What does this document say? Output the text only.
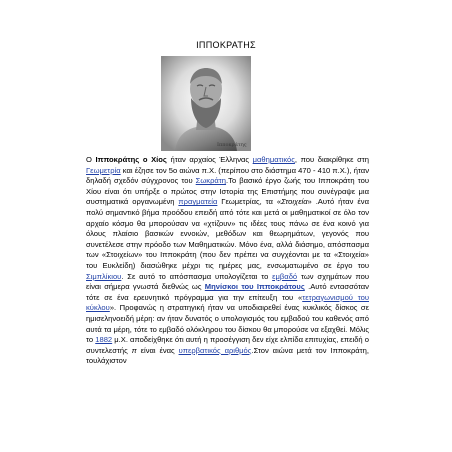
ΙΠΠΟΚΡΑΤΗΣ
Ιπποκράτης

Ο Ιπποκράτης ο Χίος ήταν αρχαίος Έλληνας μαθηματικός, που διακρίθηκε στη Γεωμετρία και έζησε τον 5ο αιώνα π.Χ. (περίπου στο διάστημα 470 - 410 π.Χ.), ήταν δηλαδή σχεδόν σύγχρονος του Σωκράτη.Το βασικό έργο ζωής του Ιπποκράτη του Χίου είναι ότι υπήρξε ο πρώτος στην Ιστορία της Επιστήμης που συνέγραψε μια συστηματικά οργανωμένη πραγματεία Γεωμετρίας, τα «Στοιχεία» .Αυτό ήταν ένα πολύ σημαντικό βήμα προόδου επειδή από τότε και μετά οι μαθηματικοί σε όλο τον αρχαίο κόσμο θα μπορούσαν να «χτίζουν» τις ιδέες τους πάνω σε ένα κοινό για όλους πλαίσιο βασικών εννοιών, μεθόδων και θεωρημάτων, γεγονός που συνετέλεσε στην πρόοδο των Μαθηματικών. Μόνο ένα, αλλά διάσημο, απόσπασμα των «Στοιχείων» του Ιπποκράτη (που δεν πρέπει να συγχέονται με τα «Στοιχεία» του Ευκλείδη) διασώθηκε μέχρι τις ημέρες μας, ενσωματωμένο σε έργο του Σιμπλίκιου. Σε αυτό το απόσπασμα υπολογίζεται το εμβαδό των σχημάτων που είναι σήμερα γνωστά διεθνώς ως Μηνίσκοι του Ιπποκράτους .Αυτό εντασσόταν τότε σε ένα ερευνητικό πρόγραμμα για την επίτευξη του «τετραγωνισμού του κύκλου». Προφανώς η στρατηγική ήταν να υποδιαιρεθεί ένας κυκλικός δίσκος σε ημισεληνοειδή μέρη: αν ήταν δυνατός ο υπολογισμός του εμβαδού του καθενός από αυτά τα μέρη, τότε το εμβαδό ολόκληρου του δίσκου θα μπορούσε να εξαχθεί. Μόλις το 1882 μ.Χ. αποδείχθηκε ότι αυτή η προσέγγιση δεν είχε ελπίδα επιτυχίας, επειδή ο συντελεστής π είναι ένας υπερβατικός αριθμός.Στον αιώνα μετά τον Ιπποκράτη, τουλάχιστον
